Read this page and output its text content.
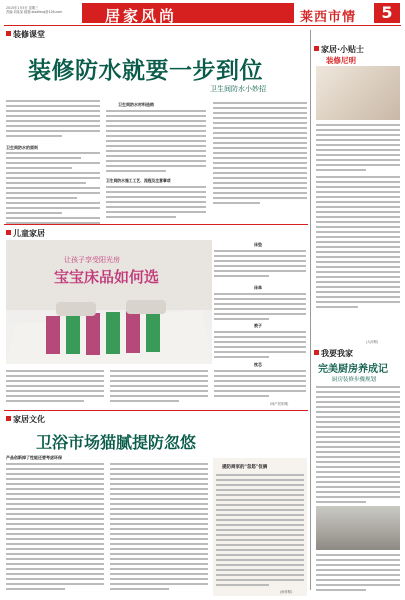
2015年1月5日 星期三
责编:刘某某 邮箱:xiaofeng@126.com	居家风尚	莱西市情	5
装修课堂
装修防水就要一步到位
卫生间防水小妙招
卫生间防水的原则
卫生间防水材料选购
卫生间防水施工工艺、流程及注意事项
家居·小贴士
装修尼明
儿童家居
让孩子享受阳光房
宝宝床品如何选
床垫
床单
被子
枕芯
(杨产居家网)
家居文化
卫浴市场猫腻提防忽悠
产品创新掉了性能还要考虑环保
提防商家的"忽悠"伎俩
(雨菲网)
(大河网)
我要我家
完美厨房养成记
厨房装修步骤规划
